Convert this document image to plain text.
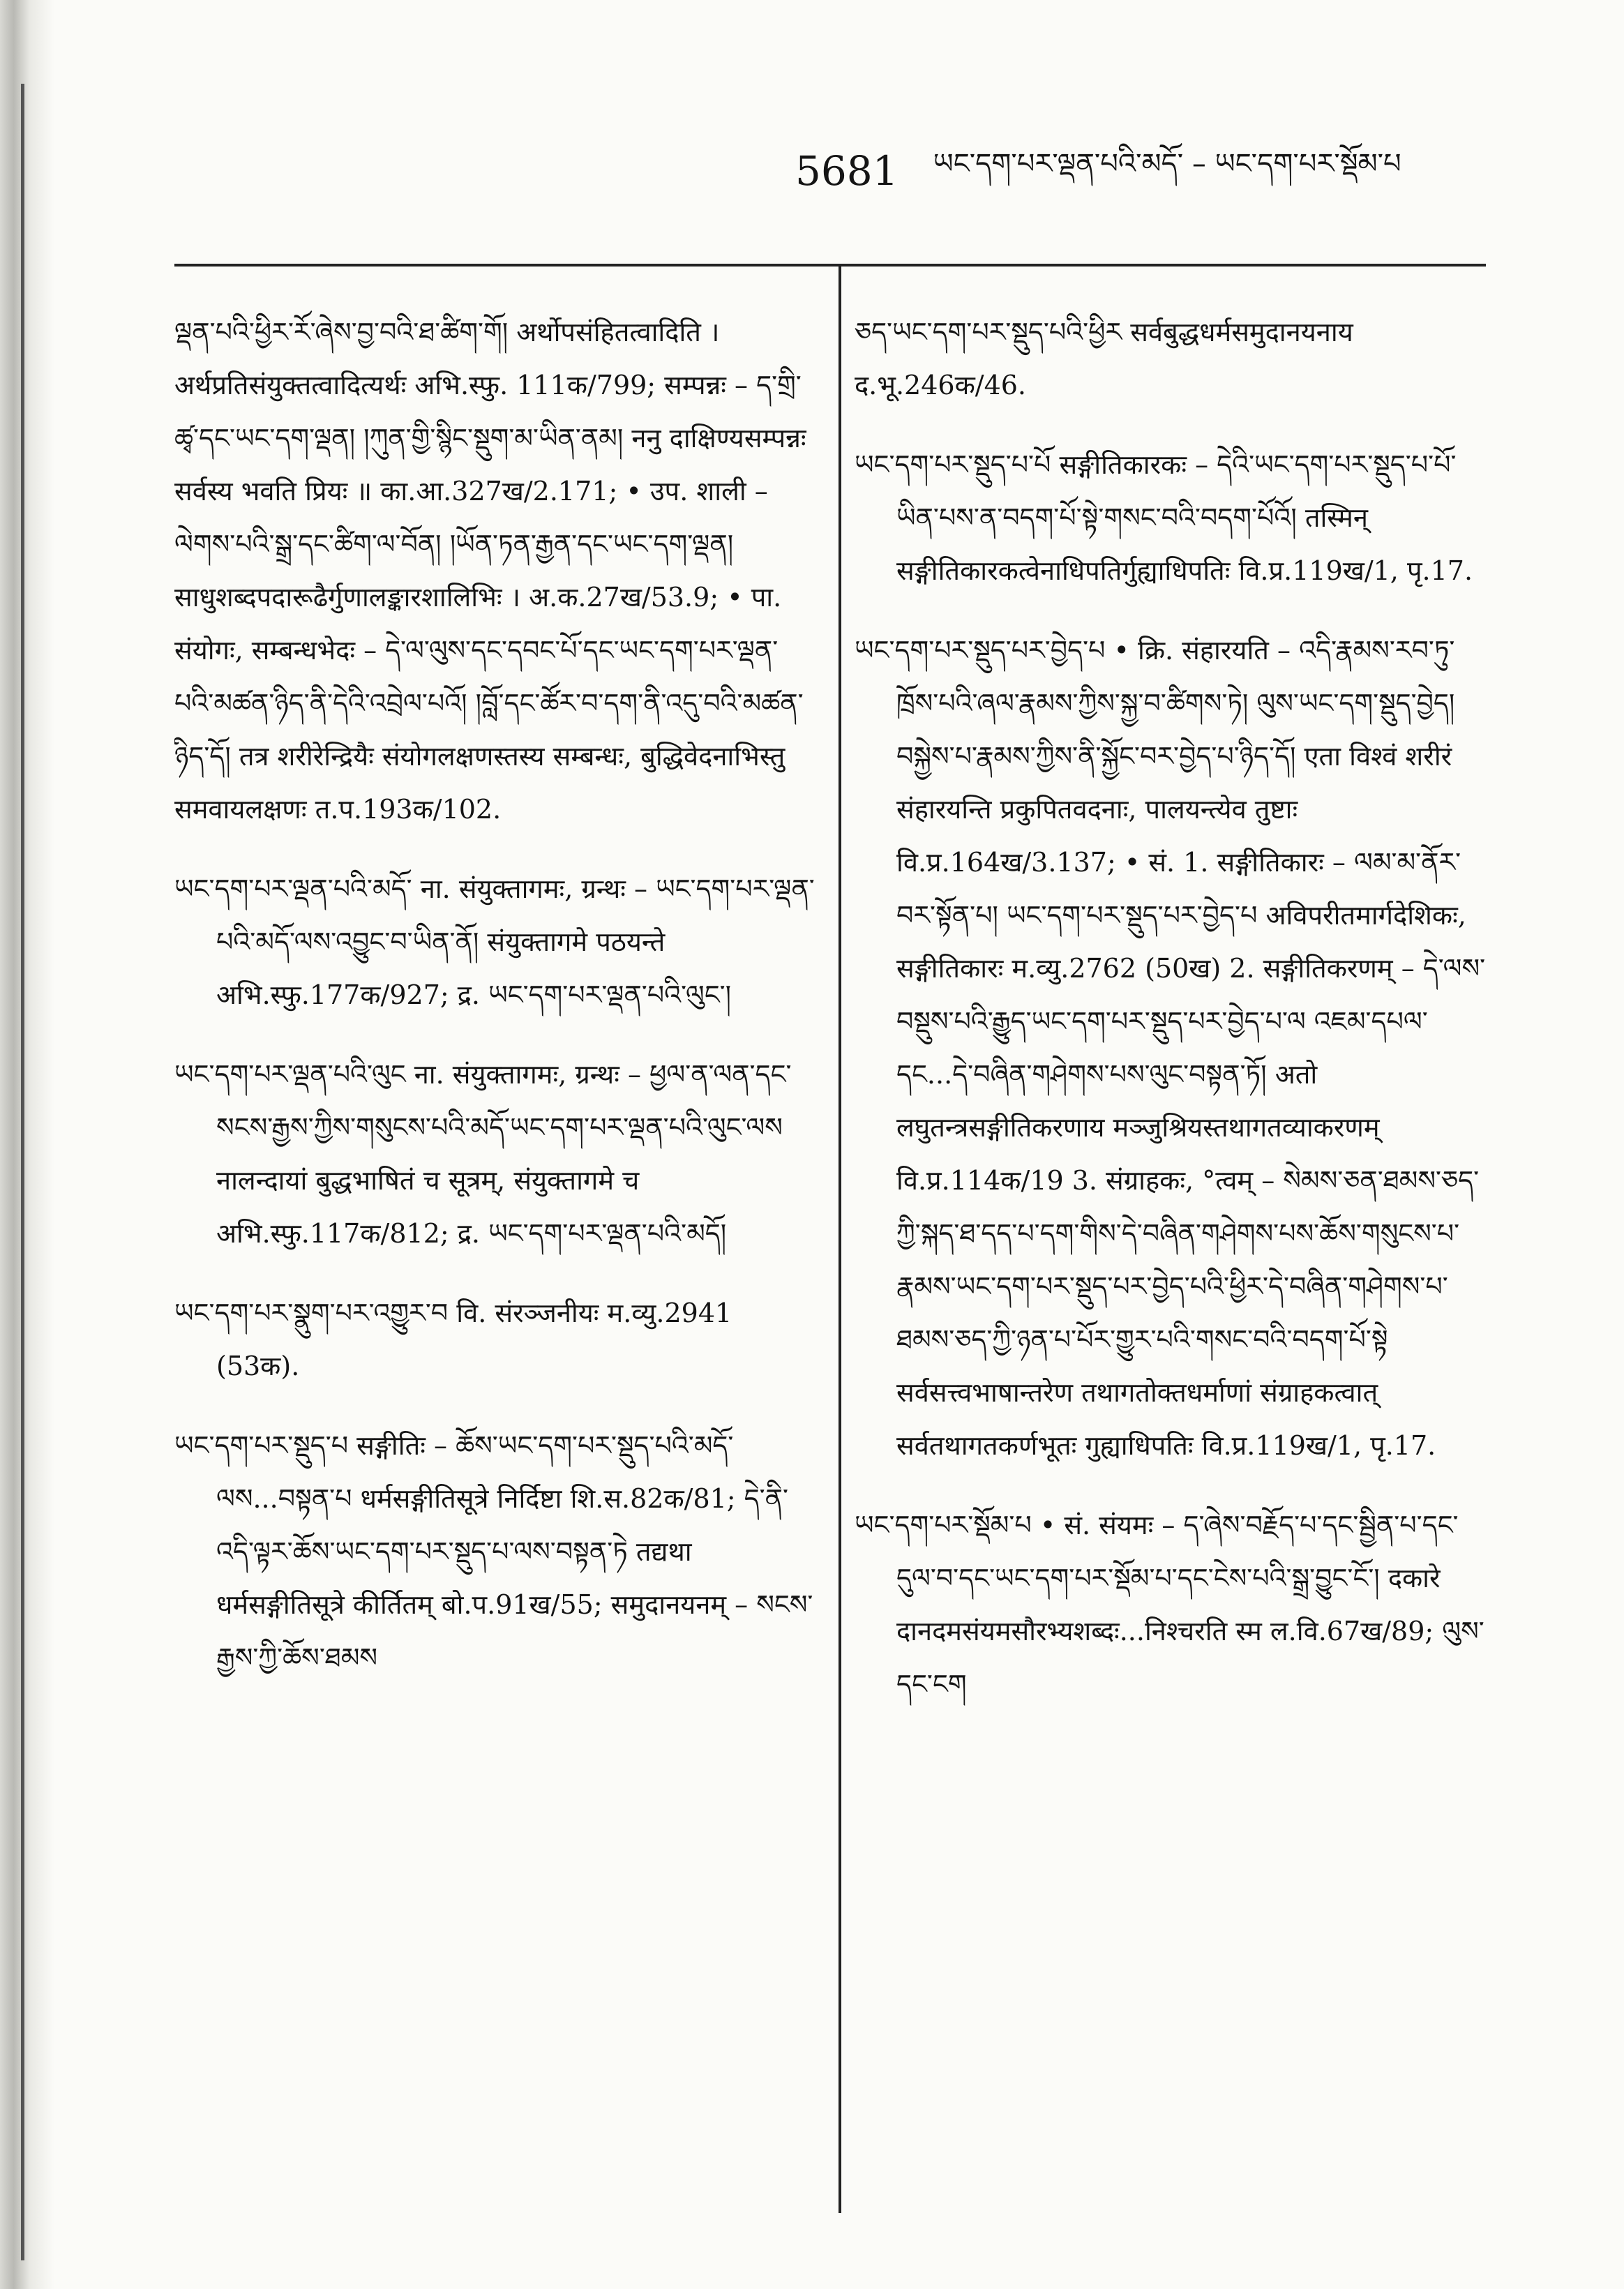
5681 ཡང་དག་པར་ལྡན་པའི་མདོ་ – ཡང་དག་པར་སྡོམ་པ

ལྡན་པའི་ཕྱིར་རོ་ཞེས་བྱ་བའི་ཐ་ཚིག་གོ། अर्थोपसंहितत्वादिति । अर्थप्रतिसंयुक्तत्वादित्यर्थः अभि.स्फु. 111क/799; सम्पन्नः – ད་གྲི་ཚྭ་དང་ཡང་དག་ལྡན། །ཀུན་གྱི་སྙིང་སྡུག་མ་ཡིན་ནམ། ननु दाक्षिण्यसम्पन्नः सर्वस्य भवति प्रियः ॥ का.आ.327ख/2.171; • उप. शाली – ལེགས་པའི་སྒྲ་དང་ཚིག་ལ་བོན། །ཡོན་ཏན་རྒྱན་དང་ཡང་དག་ལྡན། साधुशब्दपदारूढैर्गुणालङ्कारशालिभिः । अ.क.27ख/53.9; • पा. संयोगः, सम्बन्धभेदः – དེ་ལ་ལུས་དང་དབང་པོ་དང་ཡང་དག་པར་ལྡན་པའི་མཚན་ཉིད་ནི་དེའི་འབྲེལ་པའོ། །བློ་དང་ཚོར་བ་དག་ནི་འདུ་བའི་མཚན་ཉིད་དོ། तत्र शरीरेन्द्रियैः संयोगलक्षणस्तस्य सम्बन्धः, बुद्धिवेदनाभिस्तु समवायलक्षणः त.प.193क/102.

ཡང་དག་པར་ལྡན་པའི་མདོ་ ना. संयुक्तागमः, ग्रन्थः – ཡང་དག་པར་ལྡན་པའི་མདོ་ལས་འབྱུང་བ་ཡིན་ནོ། संयुक्तागमे पठयन्ते अभि.स्फु.177क/927; द्र. ཡང་དག་པར་ལྡན་པའི་ལུང་།

ཡང་དག་པར་ལྡན་པའི་ལུང ना. संयुक्तागमः, ग्रन्थः – ཕྱལ་ན་ལན་དང་སངས་རྒྱས་ཀྱིས་གསུངས་པའི་མདོ་ཡང་དག་པར་ལྡན་པའི་ལུང་ལས नालन्दायां बुद्धभाषितं च सूत्रम्, संयुक्तागमे च अभि.स्फु.117क/812; द्र. ཡང་དག་པར་ལྡན་པའི་མདོ།

ཡང་དག་པར་སྣུག་པར་འགྱུར་བ वि. संरञ्जनीयः म.व्यु.2941 (53क).

ཡང་དག་པར་སྡུད་པ सङ्गीतिः – ཆོས་ཡང་དག་པར་སྡུད་པའི་མདོ་ལས...བསྟན་པ धर्मसङ्गीतिसूत्रे निर्दिष्टा शि.स.82क/81; དེ་ནི་འདི་ལྟར་ཆོས་ཡང་དག་པར་སྡུད་པ་ལས་བསྟན་ཏེ तद्यथा धर्मसङ्गीतिसूत्रे कीर्तितम् बो.प.91ख/55; समुदानयनम् – སངས་རྒྱས་ཀྱི་ཆོས་ཐམས

ཅད་ཡང་དག་པར་སྡུད་པའི་ཕྱིར सर्वबुद्धधर्मसमुदानयनाय द.भू.246क/46.

ཡང་དག་པར་སྡུད་པ་པོ सङ्गीतिकारकः – དེའི་ཡང་དག་པར་སྡུད་པ་པོ་ཡིན་པས་ན་བདག་པོ་སྟེ་གསང་བའི་བདག་པོའོ། तस्मिन् सङ्गीतिकारकत्वेनाधिपतिर्गुह्याधिपतिः वि.प्र.119ख/1, पृ.17.

ཡང་དག་པར་སྡུད་པར་བྱེད་པ • क्रि. संहारयति – འདི་རྣམས་རབ་ཏུ་ཁྲོས་པའི་ཞལ་རྣམས་ཀྱིས་སྐྱ་བ་ཚིགས་ཏེ། ལུས་ཡང་དག་སྡུད་བྱེད། བསྐྱེས་པ་རྣམས་ཀྱིས་ནི་སྐྱོང་བར་བྱེད་པ་ཉིད་དོ། एता विश्वं शरीरं संहारयन्ति प्रकुपितवदनाः, पालयन्त्येव तुष्टाः वि.प्र.164ख/3.137; • सं. 1. सङ्गीतिकारः – ལམ་མ་ནོར་བར་སྟོན་པ། ཡང་དག་པར་སྡུད་པར་བྱེད་པ अविपरीतमार्गदेशिकः, सङ्गीतिकारः म.व्यु.2762 (50ख) 2. सङ्गीतिकरणम् – དེ་ལས་བསྡུས་པའི་རྒྱུད་ཡང་དག་པར་སྡུད་པར་བྱེད་པ་ལ འཇམ་དཔལ་དང...དེ་བཞིན་གཤེགས་པས་ལུང་བསྟན་ཏོ། अतो लघुतन्त्रसङ्गीतिकरणाय मञ्जुश्रियस्तथागतव्याकरणम् वि.प्र.114क/19 3. संग्राहकः, °त्वम् – སེམས་ཅན་ཐམས་ཅད་ཀྱི་སྐད་ཐ་དད་པ་དག་གིས་དེ་བཞིན་གཤེགས་པས་ཆོས་གསུངས་པ་རྣམས་ཡང་དག་པར་སྡུད་པར་བྱེད་པའི་ཕྱིར་དེ་བཞིན་གཤེགས་པ་ཐམས་ཅད་ཀྱི་ཉན་པ་པོར་གྱུར་པའི་གསང་བའི་བདག་པོ་སྟེ सर्वसत्त्वभाषान्तरेण तथागतोक्तधर्माणां संग्राहकत्वात् सर्वतथागतकर्णभूतः गुह्याधिपतिः वि.प्र.119ख/1, पृ.17.

ཡང་དག་པར་སྡོམ་པ • सं. संयमः – ད་ཞེས་བརྗོད་པ་དང་སྦྱིན་པ་དང་དུལ་བ་དང་ཡང་དག་པར་སྡོམ་པ་དང་ངེས་པའི་སྒྲ་བྱུང་ངོ་། दकारे दानदमसंयमसौरभ्यशब्दः...निश्चरति स्म ल.वि.67ख/89; ལུས་དང་ངག
